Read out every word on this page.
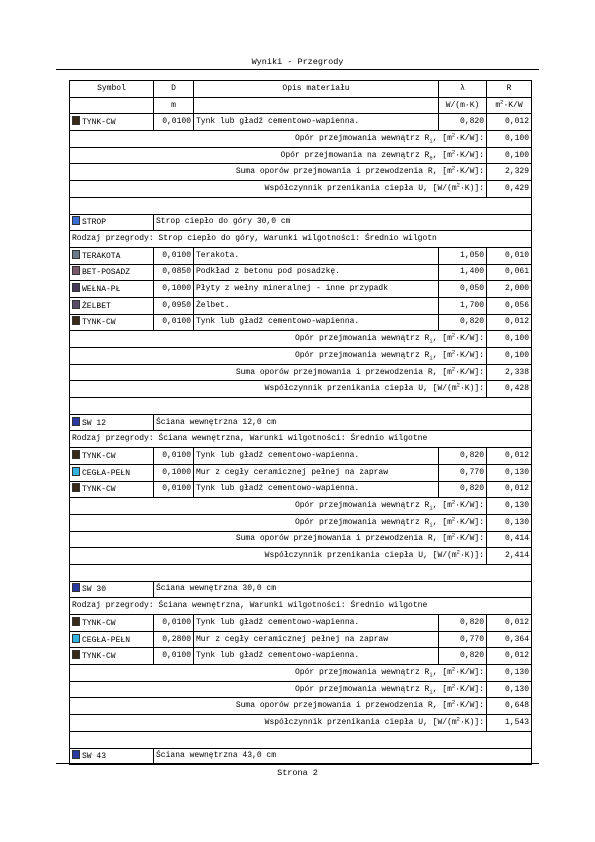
Wyniki - Przegrody
Symbol	D	Opis materiału	λ	R
	m		W/(m·K)	$m^2\cdot K/W$
TYNK-CW	0,0100	Tynk lub gładź cementowo-wapienna.	0,820	0,012
Opór przejmowania wewnątrz $R_i$, $[m^2\cdot K/W]$:				0,100
Opór przejmowania na zewnątrz $R_e$, $[m^2\cdot K/W]$:				0,100
Suma oporów przejmowania i przewodzenia R, $[m^2\cdot K/W]$:				2,329
Współczynnik przenikania ciepła U, $[W/(m^2\cdot K)]$:				0,429

STROP	Strop ciepło do góry 30,0 cm			
Rodzaj przegrody: Strop ciepło do góry, Warunki wilgotności: Średnio wilgotn				
TERAKOTA	0,0100	Terakota.	1,050	0,010
BET-POSADZ	0,0850	Podkład z betonu pod posadzkę.	1,400	0,061
WEŁNA-PŁ	0,1000	Płyty z wełny mineralnej - inne przypadk	0,050	2,000
ŻELBET	0,0950	Żelbet.	1,700	0,056
TYNK-CW	0,0100	Tynk lub gładź cementowo-wapienna.	0,820	0,012
Opór przejmowania wewnątrz $R_i$, $[m^2\cdot K/W]$:				0,100
Opór przejmowania wewnątrz $R_i$, $[m^2\cdot K/W]$:				0,100
Suma oporów przejmowania i przewodzenia R, $[m^2\cdot K/W]$:				2,338
Współczynnik przenikania ciepła U, $[W/(m^2\cdot K)]$:				0,428

SW 12	Ściana wewnętrzna 12,0 cm			
Rodzaj przegrody: Ściana wewnętrzna, Warunki wilgotności: Średnio wilgotne				
TYNK-CW	0,0100	Tynk lub gładź cementowo-wapienna.	0,820	0,012
CEGŁA-PEŁN	0,1000	Mur z cegły ceramicznej pełnej na zapraw	0,770	0,130
TYNK-CW	0,0100	Tynk lub gładź cementowo-wapienna.	0,820	0,012
Opór przejmowania wewnątrz $R_i$, $[m^2\cdot K/W]$:				0,130
Opór przejmowania wewnątrz $R_i$, $[m^2\cdot K/W]$:				0,130
Suma oporów przejmowania i przewodzenia R, $[m^2\cdot K/W]$:				0,414
Współczynnik przenikania ciepła U, $[W/(m^2\cdot K)]$:				2,414

SW 30	Ściana wewnętrzna 30,0 cm			
Rodzaj przegrody: Ściana wewnętrzna, Warunki wilgotności: Średnio wilgotne				
TYNK-CW	0,0100	Tynk lub gładź cementowo-wapienna.	0,820	0,012
CEGŁA-PEŁN	0,2800	Mur z cegły ceramicznej pełnej na zapraw	0,770	0,364
TYNK-CW	0,0100	Tynk lub gładź cementowo-wapienna.	0,820	0,012
Opór przejmowania wewnątrz $R_i$, $[m^2\cdot K/W]$:				0,130
Opór przejmowania wewnątrz $R_i$, $[m^2\cdot K/W]$:				0,130
Suma oporów przejmowania i przewodzenia R, $[m^2\cdot K/W]$:				0,648
Współczynnik przenikania ciepła U, $[W/(m^2\cdot K)]$:				1,543

SW 43	Ściana wewnętrzna 43,0 cm			
Strona 2
